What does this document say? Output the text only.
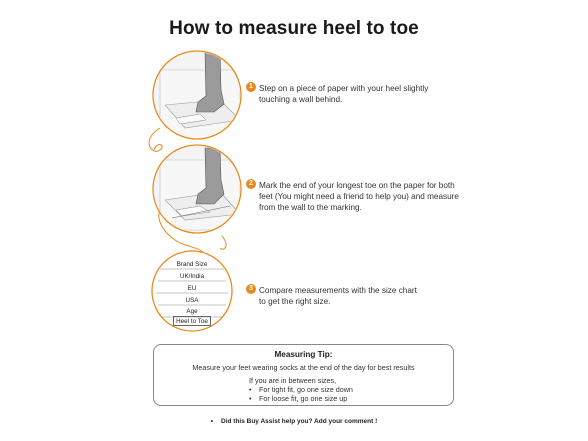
How to measure heel to toe
Brand Size
UK/India
EU
USA
Age
Heel to Toe
1 Step on a piece of paper with your heel slightly touching a wall behind.
2 Mark the end of your longest toe on the paper for both feet (You might need a friend to help you) and measure from the wall to the marking.
3 Compare measurements with the size chart to get the right size.
Measuring Tip:
Measure your feet wearing socks at the end of the day for best results
If you are in between sizes,
• For tight fit, go one size down
• For loose fit, go one size up
• Did this Buy Assist help you? Add your comment !
